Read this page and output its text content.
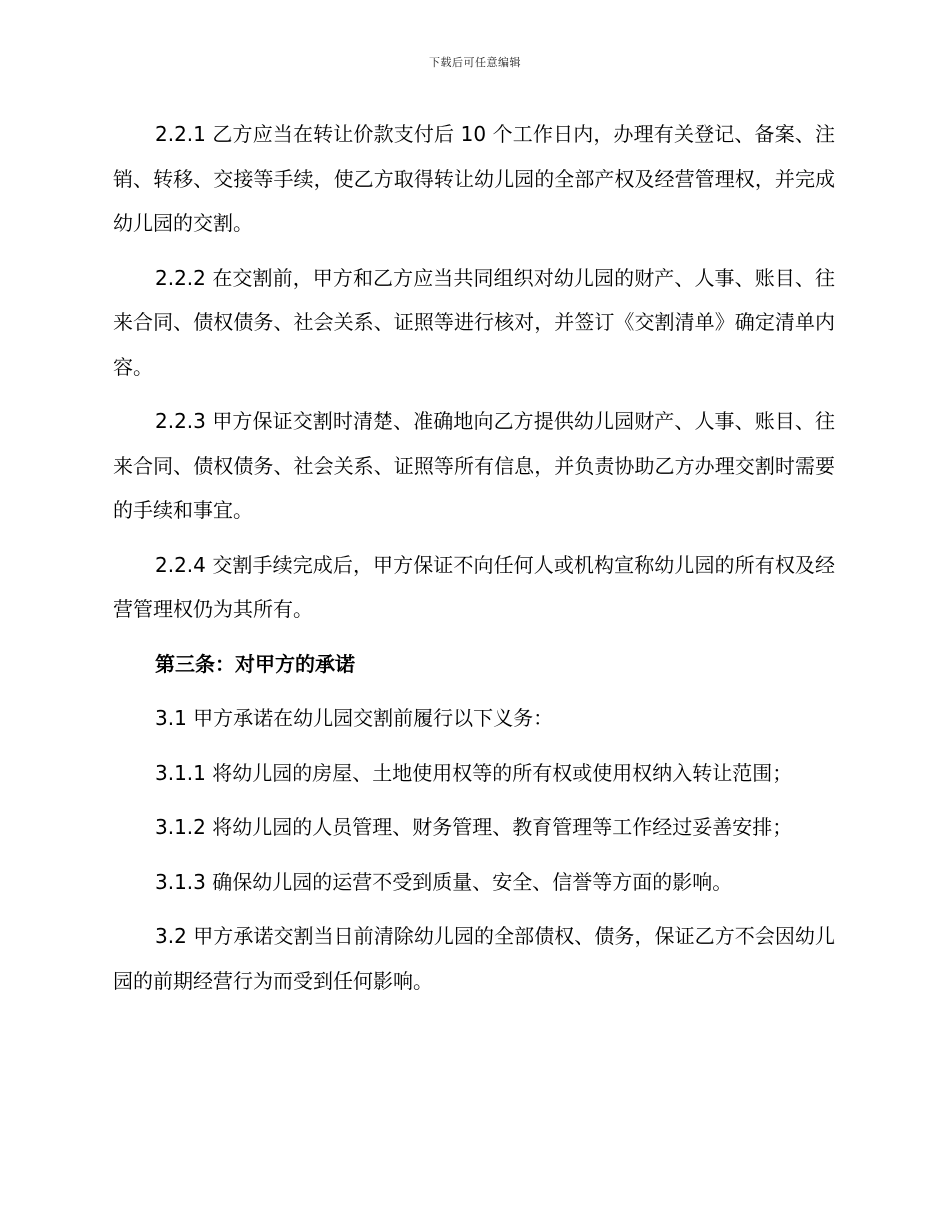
下载后可任意编辑

2.2.1 乙方应当在转让价款支付后 10 个工作日内，办理有关登记、备案、注销、转移、交接等手续，使乙方取得转让幼儿园的全部产权及经营管理权，并完成幼儿园的交割。

2.2.2 在交割前，甲方和乙方应当共同组织对幼儿园的财产、人事、账目、往来合同、债权债务、社会关系、证照等进行核对，并签订《交割清单》确定清单内容。

2.2.3 甲方保证交割时清楚、准确地向乙方提供幼儿园财产、人事、账目、往来合同、债权债务、社会关系、证照等所有信息，并负责协助乙方办理交割时需要的手续和事宜。

2.2.4 交割手续完成后，甲方保证不向任何人或机构宣称幼儿园的所有权及经营管理权仍为其所有。

第三条：对甲方的承诺

3.1 甲方承诺在幼儿园交割前履行以下义务：

3.1.1 将幼儿园的房屋、土地使用权等的所有权或使用权纳入转让范围；

3.1.2 将幼儿园的人员管理、财务管理、教育管理等工作经过妥善安排；

3.1.3 确保幼儿园的运营不受到质量、安全、信誉等方面的影响。

3.2 甲方承诺交割当日前清除幼儿园的全部债权、债务，保证乙方不会因幼儿园的前期经营行为而受到任何影响。
